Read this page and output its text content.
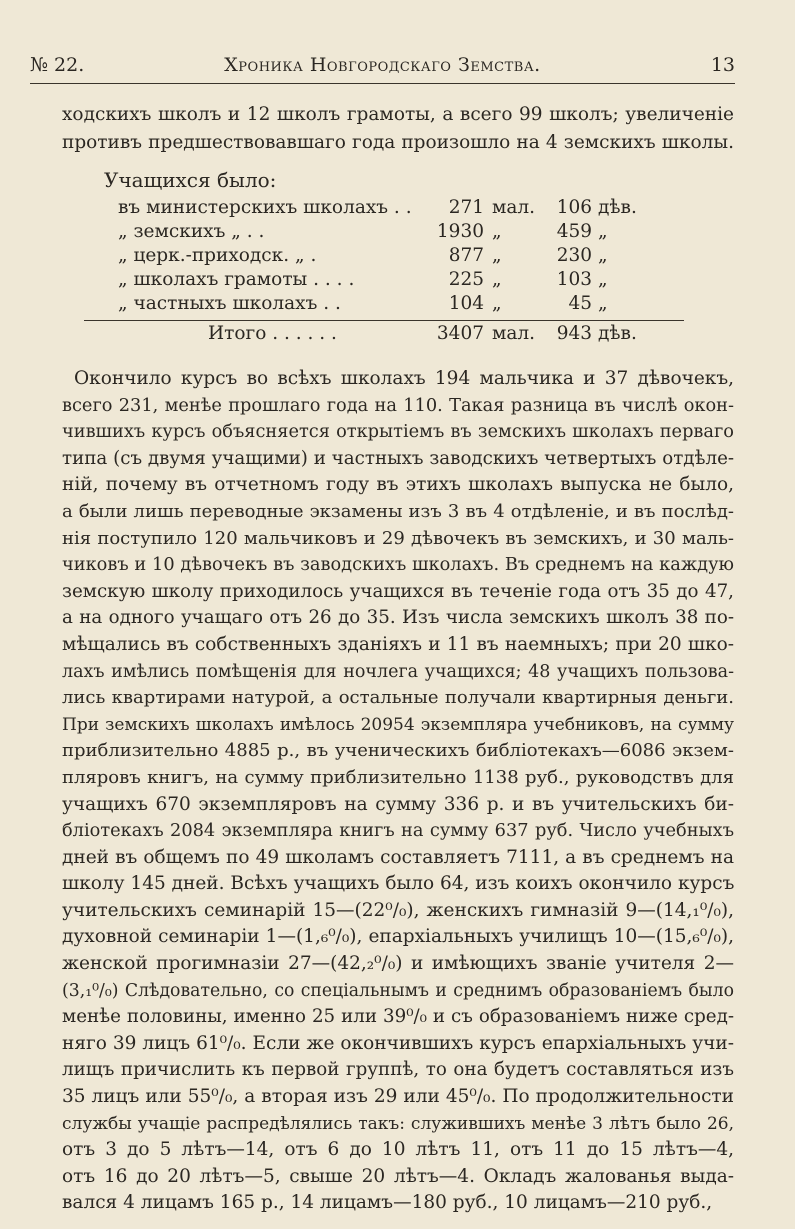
№ 22.	Хроника Новгородскаго Земства.	13
ходскихъ школъ и 12 школъ грамоты, а всего 99 школъ; увеличеніе
противъ предшествовавшаго года произошло на 4 земскихъ школы.
Учащихся было:
въ министерскихъ школахъ . .	271 мал.	106 дѣв.
„ земскихъ „ . .	1930 „	459 „
„ церк.-приходск. „ .	877 „	230 „
„ школахъ грамоты . . . .	225 „	103 „
„ частныхъ школахъ . .	104 „	45 „
Итого . . . . . .	3407 мал.	943 дѣв.
Окончило курсъ во всѣхъ школахъ 194 мальчика и 37 дѣвочекъ,
всего 231, менѣе прошлаго года на 110. Такая разница въ числѣ окон-
чившихъ курсъ объясняется открытіемъ въ земскихъ школахъ перваго
типа (съ двумя учащими) и частныхъ заводскихъ четвертыхъ отдѣле-
ній, почему въ отчетномъ году въ этихъ школахъ выпуска не было,
а были лишь переводные экзамены изъ 3 въ 4 отдѣленіе, и въ послѣд-
нія поступило 120 мальчиковъ и 29 дѣвочекъ въ земскихъ, и 30 маль-
чиковъ и 10 дѣвочекъ въ заводскихъ школахъ. Въ среднемъ на каждую
земскую школу приходилось учащихся въ теченіе года отъ 35 до 47,
а на одного учащаго отъ 26 до 35. Изъ числа земскихъ школъ 38 по-
мѣщались въ собственныхъ зданіяхъ и 11 въ наемныхъ; при 20 шко-
лахъ имѣлись помѣщенія для ночлега учащихся; 48 учащихъ пользова-
лись квартирами натурой, а остальные получали квартирныя деньги.
При земскихъ школахъ имѣлось 20954 экземпляра учебниковъ, на сумму
приблизительно 4885 р., въ ученическихъ библіотекахъ—6086 экзем-
пляровъ книгъ, на сумму приблизительно 1138 руб., руководствъ для
учащихъ 670 экземпляровъ на сумму 336 р. и въ учительскихъ би-
бліотекахъ 2084 экземпляра книгъ на сумму 637 руб. Число учебныхъ
дней въ общемъ по 49 школамъ составляетъ 7111, а въ среднемъ на
школу 145 дней. Всѣхъ учащихъ было 64, изъ коихъ окончило курсъ
учительскихъ семинарій 15—(22⁰/₀), женскихъ гимназій 9—(14,₁⁰/₀),
духовной семинаріи 1—(1,₆⁰/₀), епархіальныхъ училищъ 10—(15,₆⁰/₀),
женской прогимназіи 27—(42,₂⁰/₀) и имѣющихъ званіе учителя 2—
(3,₁⁰/₀) Слѣдовательно, со спеціальнымъ и среднимъ образованіемъ было
менѣе половины, именно 25 или 39⁰/₀ и съ образованіемъ ниже сред-
няго 39 лицъ 61⁰/₀. Если же окончившихъ курсъ епархіальныхъ учи-
лищъ причислить къ первой группѣ, то она будетъ составляться изъ
35 лицъ или 55⁰/₀, а вторая изъ 29 или 45⁰/₀. По продолжительности
службы учащіе распредѣлялись такъ: служившихъ менѣе 3 лѣтъ было 26,
отъ 3 до 5 лѣтъ—14, отъ 6 до 10 лѣтъ 11, отъ 11 до 15 лѣтъ—4,
отъ 16 до 20 лѣтъ—5, свыше 20 лѣтъ—4. Окладъ жалованья выда-
вался 4 лицамъ 165 р., 14 лицамъ—180 руб., 10 лицамъ—210 руб.,
